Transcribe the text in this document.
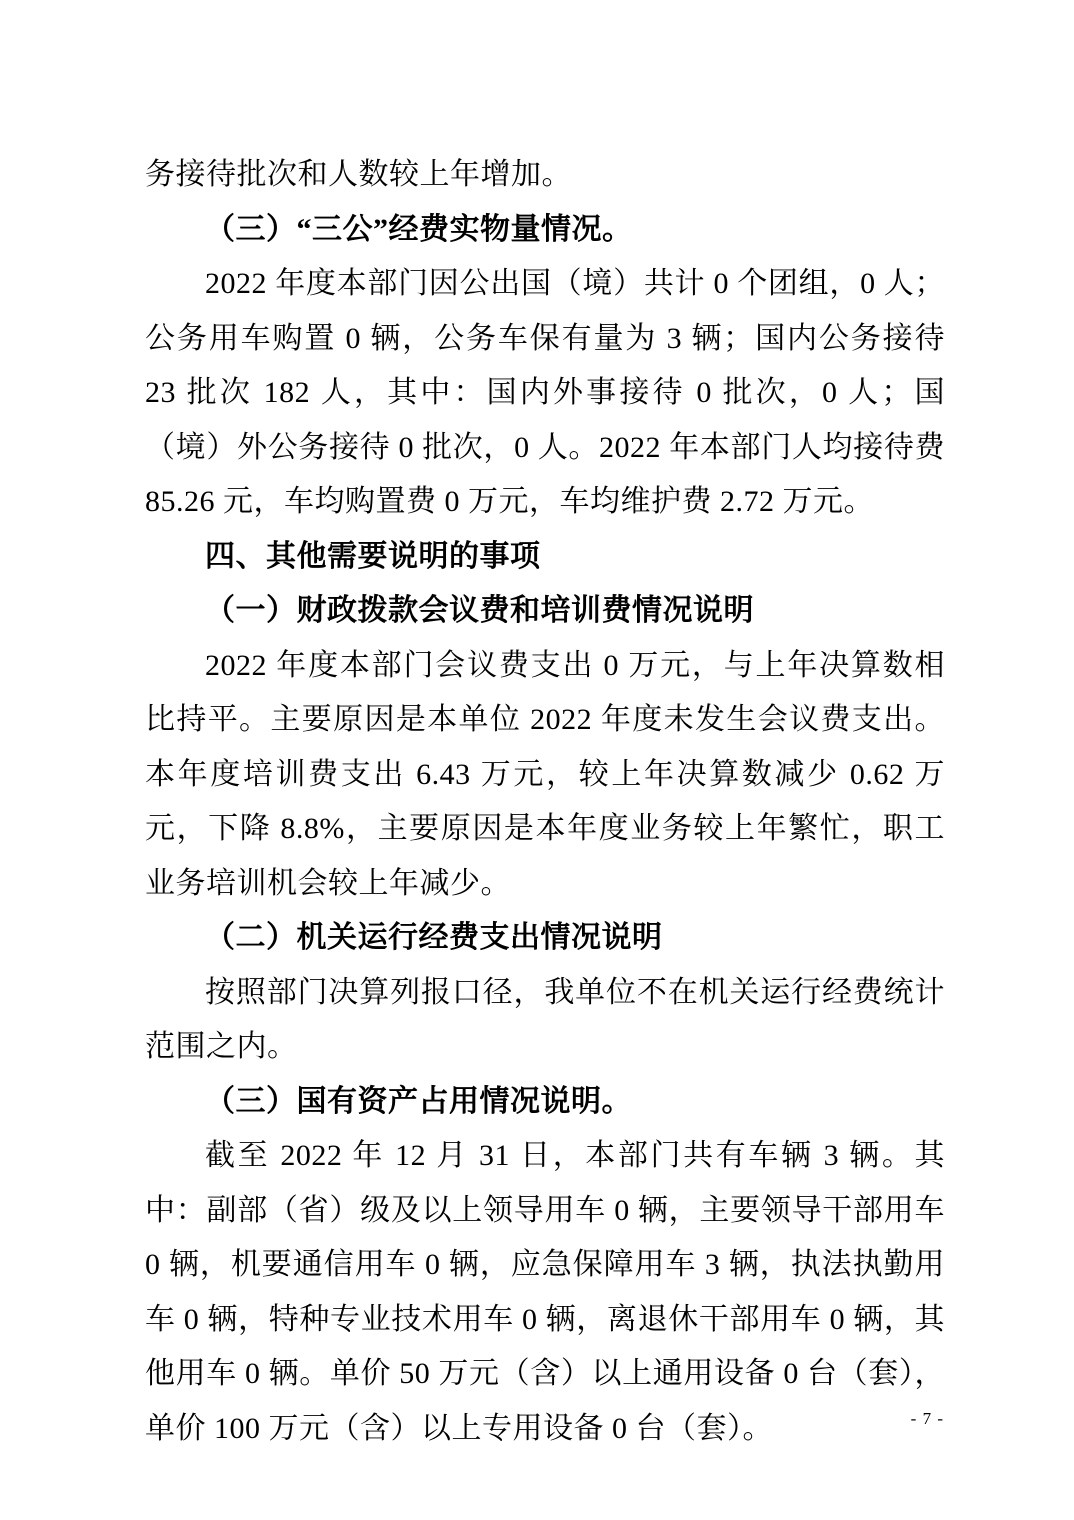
务接待批次和人数较上年增加。
（三）“三公”经费实物量情况。
2022 年度本部门因公出国（境）共计 0 个团组，0 人；公务用车购置 0 辆，公务车保有量为 3 辆；国内公务接待 23 批次 182 人，其中：国内外事接待 0 批次，0 人；国（境）外公务接待 0 批次，0 人。2022 年本部门人均接待费 85.26 元，车均购置费 0 万元，车均维护费 2.72 万元。
四、其他需要说明的事项
（一）财政拨款会议费和培训费情况说明
2022 年度本部门会议费支出 0 万元，与上年决算数相比持平。主要原因是本单位 2022 年度未发生会议费支出。本年度培训费支出 6.43 万元，较上年决算数减少 0.62 万元，下降 8.8%，主要原因是本年度业务较上年繁忙，职工业务培训机会较上年减少。
（二）机关运行经费支出情况说明
按照部门决算列报口径，我单位不在机关运行经费统计范围之内。
（三）国有资产占用情况说明。
截至 2022 年 12 月 31 日，本部门共有车辆 3 辆。其中：副部（省）级及以上领导用车 0 辆，主要领导干部用车 0 辆，机要通信用车 0 辆，应急保障用车 3 辆，执法执勤用车 0 辆，特种专业技术用车 0 辆，离退休干部用车 0 辆，其他用车 0 辆。单价 50 万元（含）以上通用设备 0 台（套），单价 100 万元（含）以上专用设备 0 台（套）。	- 7 -
